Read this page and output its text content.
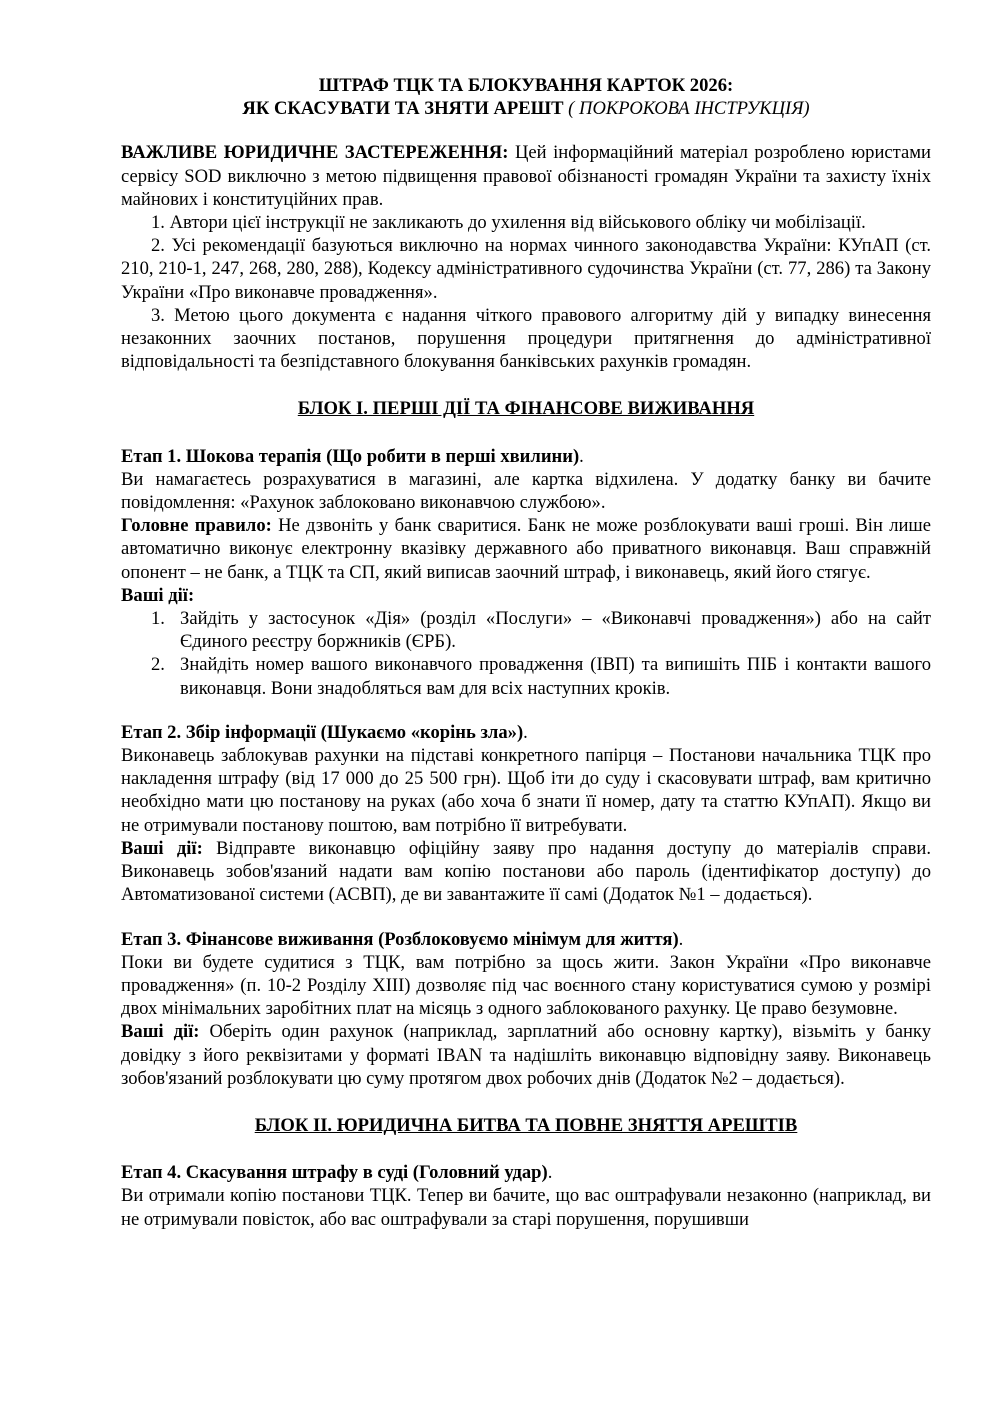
ШТРАФ ТЦК ТА БЛОКУВАННЯ КАРТОК 2026:
ЯК СКАСУВАТИ ТА ЗНЯТИ АРЕШТ ( ПОКРОКОВА ІНСТРУКЦІЯ)

ВАЖЛИВЕ ЮРИДИЧНЕ ЗАСТЕРЕЖЕННЯ: Цей інформаційний матеріал розроблено юристами сервісу SOD виключно з метою підвищення правової обізнаності громадян України та захисту їхніх майнових і конституційних прав.

1. Автори цієї інструкції не закликають до ухилення від військового обліку чи мобілізації.

2. Усі рекомендації базуються виключно на нормах чинного законодавства України: КУпАП (ст. 210, 210-1, 247, 268, 280, 288), Кодексу адміністративного судочинства України (ст. 77, 286) та Закону України «Про виконавче провадження».

3. Метою цього документа є надання чіткого правового алгоритму дій у випадку винесення незаконних заочних постанов, порушення процедури притягнення до адміністративної відповідальності та безпідставного блокування банківських рахунків громадян.

БЛОК I. ПЕРШІ ДІЇ ТА ФІНАНСОВЕ ВИЖИВАННЯ

Етап 1. Шокова терапія (Що робити в перші хвилини).

Ви намагаєтесь розрахуватися в магазині, але картка відхилена. У додатку банку ви бачите повідомлення: «Рахунок заблоковано виконавчою службою».

Головне правило: Не дзвоніть у банк сваритися. Банк не може розблокувати ваші гроші. Він лише автоматично виконує електронну вказівку державного або приватного виконавця. Ваш справжній опонент – не банк, а ТЦК та СП, який виписав заочний штраф, і виконавець, який його стягує.

Ваші дії:

1. Зайдіть у застосунок «Дія» (розділ «Послуги» – «Виконавчі провадження») або на сайт Єдиного реєстру боржників (ЄРБ).
2. Знайдіть номер вашого виконавчого провадження (ІВП) та випишіть ПІБ і контакти вашого виконавця. Вони знадобляться вам для всіх наступних кроків.

Етап 2. Збір інформації (Шукаємо «корінь зла»).

Виконавець заблокував рахунки на підставі конкретного папірця – Постанови начальника ТЦК про накладення штрафу (від 17 000 до 25 500 грн). Щоб іти до суду і скасовувати штраф, вам критично необхідно мати цю постанову на руках (або хоча б знати її номер, дату та статтю КУпАП). Якщо ви не отримували постанову поштою, вам потрібно її витребувати.

Ваші дії: Відправте виконавцю офіційну заяву про надання доступу до матеріалів справи. Виконавець зобов'язаний надати вам копію постанови або пароль (ідентифікатор доступу) до Автоматизованої системи (АСВП), де ви завантажите її самі (Додаток №1 – додається).

Етап 3. Фінансове виживання (Розблоковуємо мінімум для життя).

Поки ви будете судитися з ТЦК, вам потрібно за щось жити. Закон України «Про виконавче провадження» (п. 10-2 Розділу XIII) дозволяє під час воєнного стану користуватися сумою у розмірі двох мінімальних заробітних плат на місяць з одного заблокованого рахунку. Це право безумовне.

Ваші дії: Оберіть один рахунок (наприклад, зарплатний або основну картку), візьміть у банку довідку з його реквізитами у форматі IBAN та надішліть виконавцю відповідну заяву. Виконавець зобов'язаний розблокувати цю суму протягом двох робочих днів (Додаток №2 – додається).

БЛОК II. ЮРИДИЧНА БИТВА ТА ПОВНЕ ЗНЯТТЯ АРЕШТІВ

Етап 4. Скасування штрафу в суді (Головний удар).

Ви отримали копію постанови ТЦК. Тепер ви бачите, що вас оштрафували незаконно (наприклад, ви не отримували повісток, або вас оштрафували за старі порушення, порушивши
